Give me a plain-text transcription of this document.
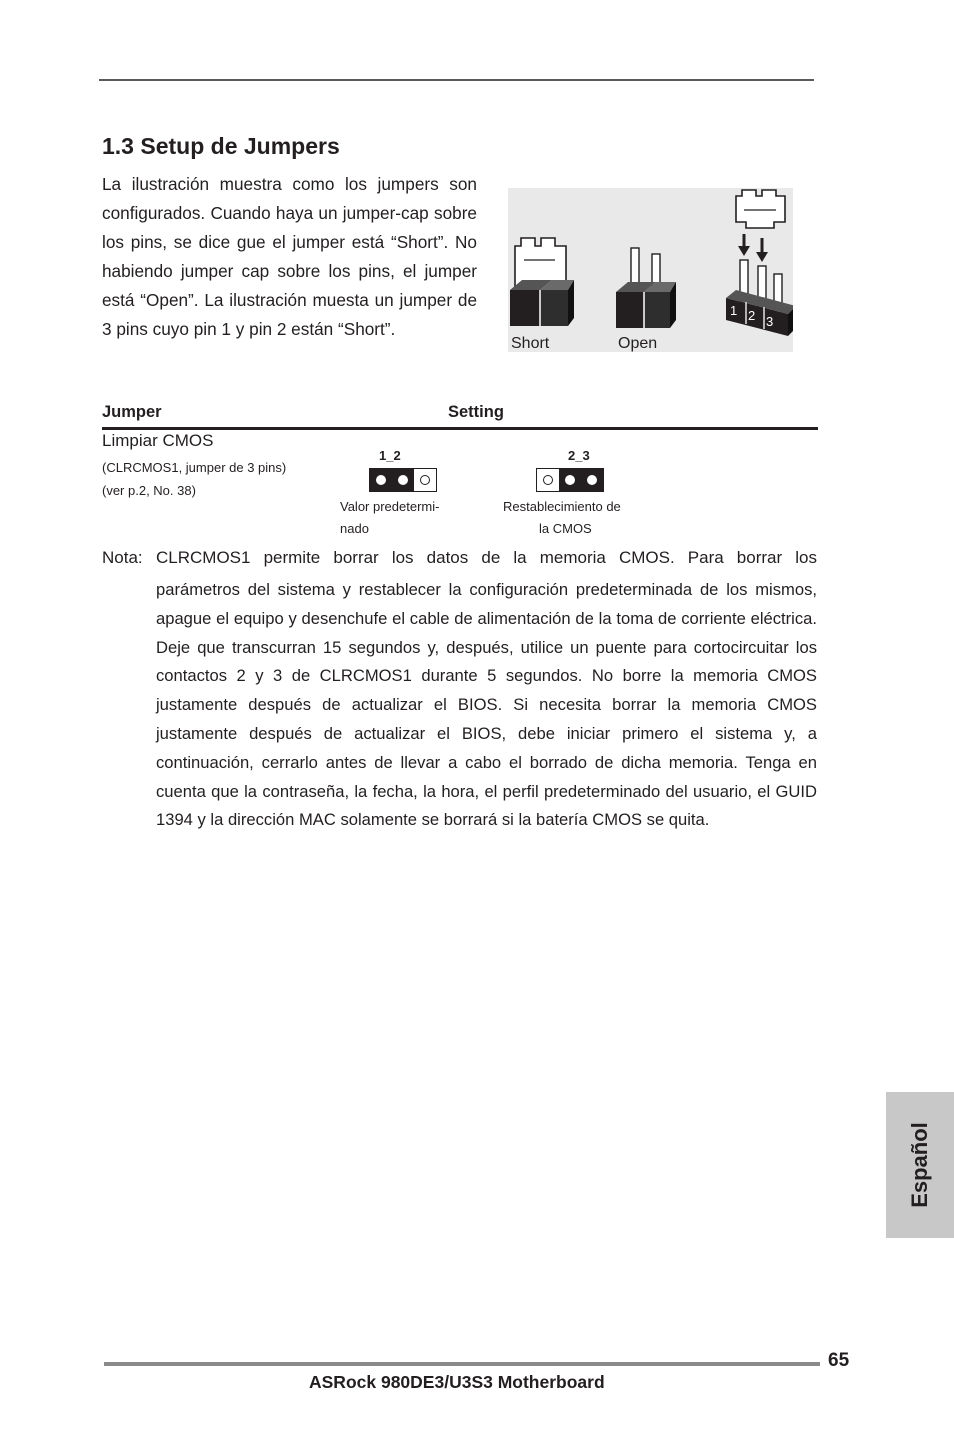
1.3 Setup de Jumpers

La ilustración muestra como los jumpers son configurados. Cuando haya un jumper-cap sobre los pins, se dice gue el jumper está “Short”. No habiendo jumper cap sobre los pins, el jumper está “Open”. La ilustración muesta un jumper de 3 pins cuyo pin 1 y pin 2 están “Short”.

Short	Open
1 2 3
Jumper	Setting
Limpiar CMOS
(CLRCMOS1, jumper de 3 pins)
(ver p.2, No. 38)
1_2
Valor predetermi-
nado
2_3
Restablecimiento de
la CMOS
Nota: CLRCMOS1 permite borrar los datos de la memoria CMOS. Para borrar los

parámetros del sistema y restablecer la configuración predeterminada de los mismos, apague el equipo y desenchufe el cable de alimentación de la toma de corriente eléctrica. Deje que transcurran 15 segundos y, después, utilice un puente para cortocircuitar los contactos 2 y 3 de CLRCMOS1 durante 5 segundos. No borre la memoria CMOS justamente después de actualizar el BIOS. Si necesita borrar la memoria CMOS justamente después de actualizar el BIOS, debe iniciar primero el sistema y, a continuación, cerrarlo antes de llevar a cabo el borrado de dicha memoria. Tenga en cuenta que la contraseña, la fecha, la hora, el perfil predeterminado del usuario, el GUID 1394 y la dirección MAC solamente se borrará si la batería CMOS se quita.

Español
65
ASRock 980DE3/U3S3 Motherboard
